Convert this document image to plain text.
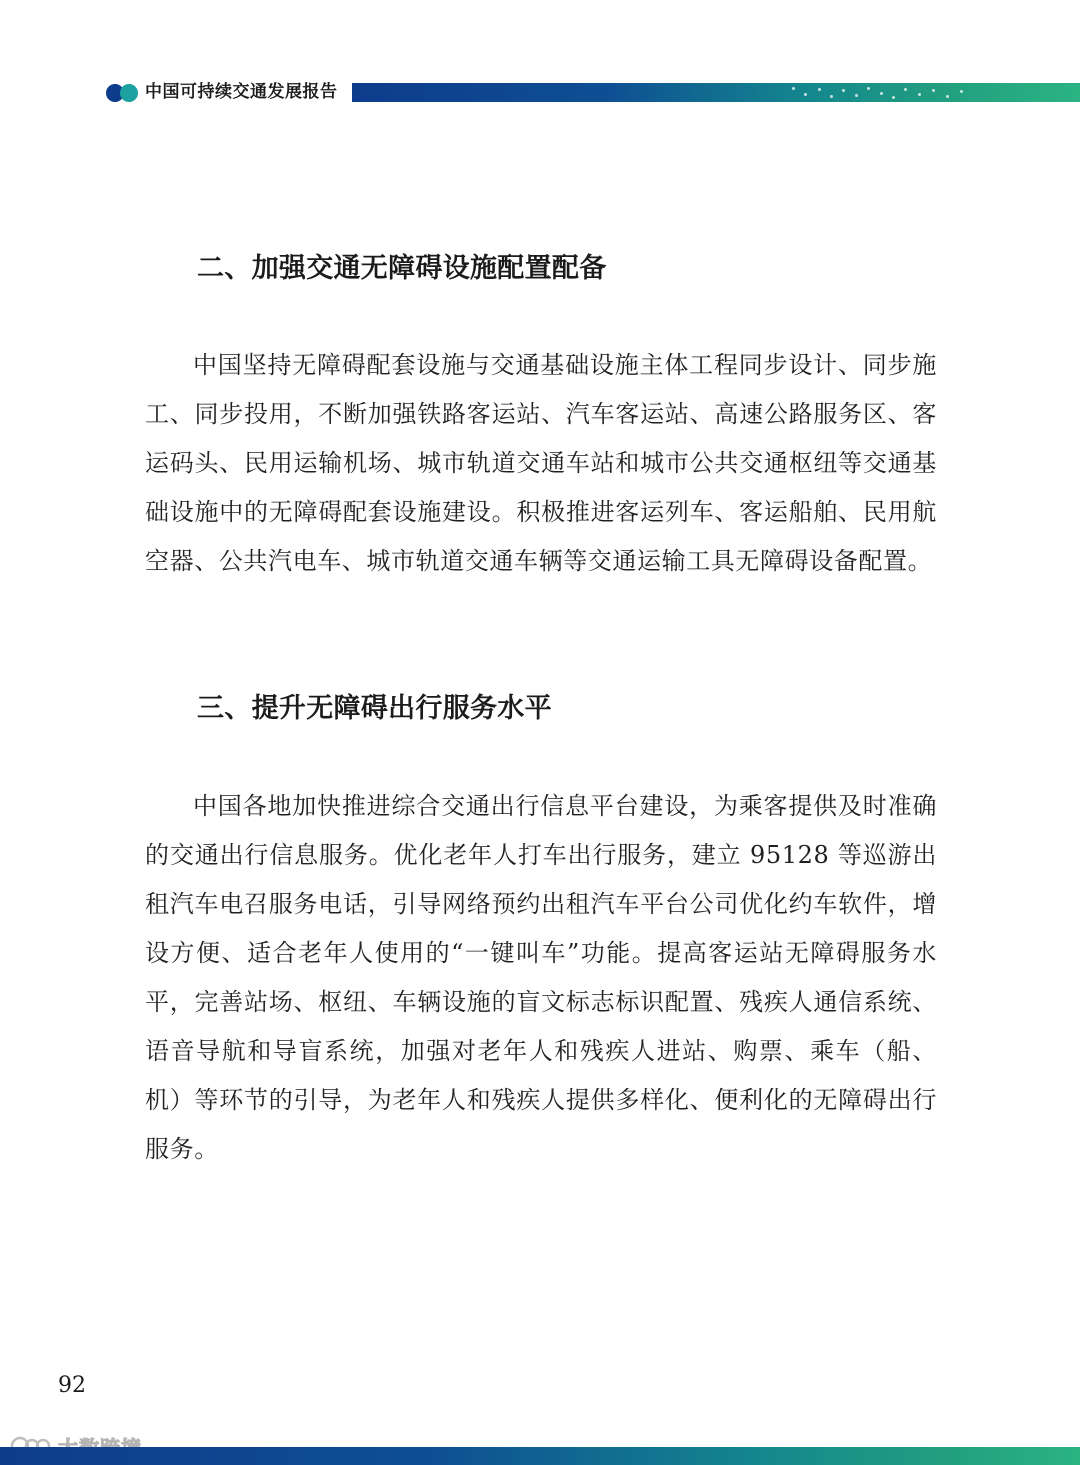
中国可持续交通发展报告
二、加强交通无障碍设施配置配备
中国坚持无障碍配套设施与交通基础设施主体工程同步设计、同步施工、同步投用，不断加强铁路客运站、汽车客运站、高速公路服务区、客运码头、民用运输机场、城市轨道交通车站和城市公共交通枢纽等交通基础设施中的无障碍配套设施建设。积极推进客运列车、客运船舶、民用航空器、公共汽电车、城市轨道交通车辆等交通运输工具无障碍设备配置。
三、提升无障碍出行服务水平
中国各地加快推进综合交通出行信息平台建设，为乘客提供及时准确的交通出行信息服务。优化老年人打车出行服务，建立 95128 等巡游出租汽车电召服务电话，引导网络预约出租汽车平台公司优化约车软件，增设方便、适合老年人使用的“一键叫车”功能。提高客运站无障碍服务水平，完善站场、枢纽、车辆设施的盲文标志标识配置、残疾人通信系统、语音导航和导盲系统，加强对老年人和残疾人进站、购票、乘车（船、机）等环节的引导，为老年人和残疾人提供多样化、便利化的无障碍出行服务。
92
